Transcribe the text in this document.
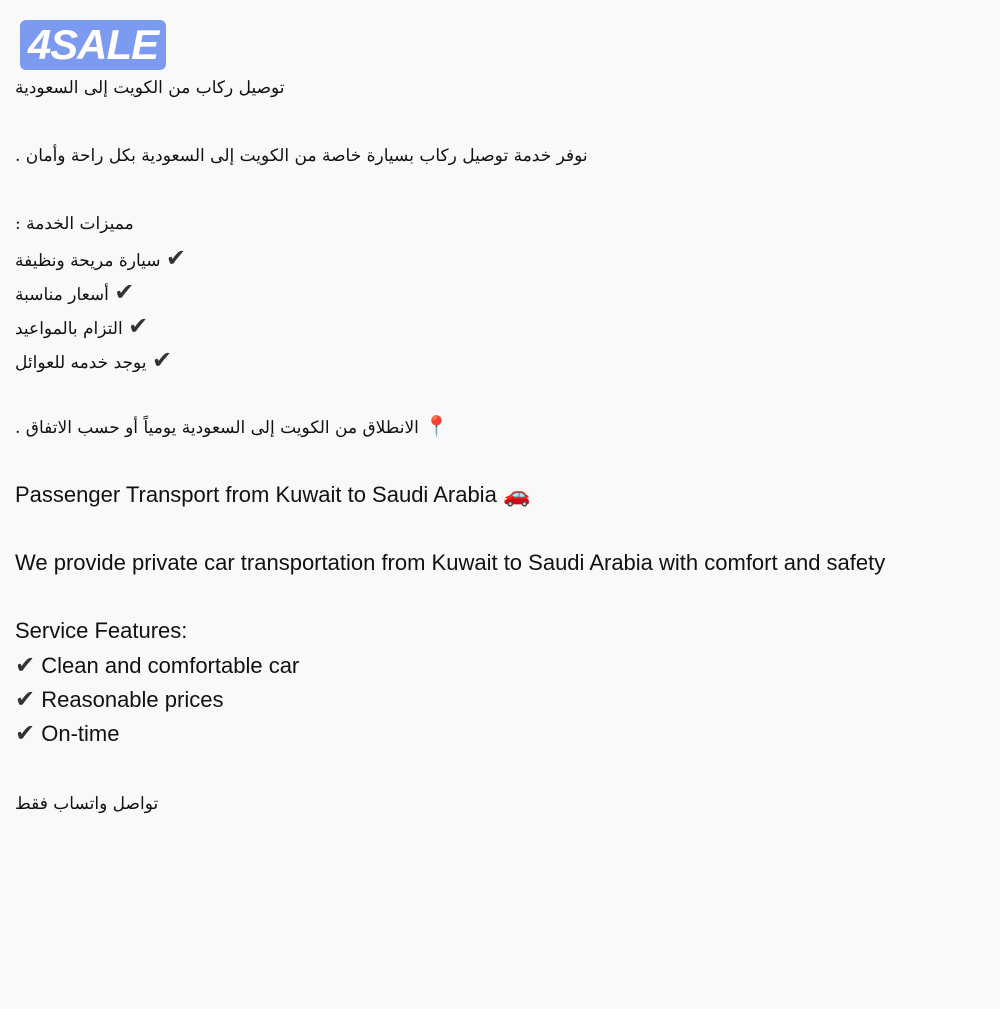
4SALE
توصيل ركاب من الكويت إلى السعودية
نوفر خدمة توصيل ركاب بسيارة خاصة من الكويت إلى السعودية بكل راحة وأمان .
مميزات الخدمة :
✔ سيارة مريحة ونظيفة
✔ أسعار مناسبة
✔ التزام بالمواعيد
✔ يوجد خدمه للعوائل
📍 الانطلاق من الكويت إلى السعودية يومياً أو حسب الاتفاق .
Passenger Transport from Kuwait to Saudi Arabia 🚗
We provide private car transportation from Kuwait to Saudi Arabia with comfort and safety
Service Features:
✔ Clean and comfortable car
✔ Reasonable prices
✔ On-time
تواصل واتساب فقط
